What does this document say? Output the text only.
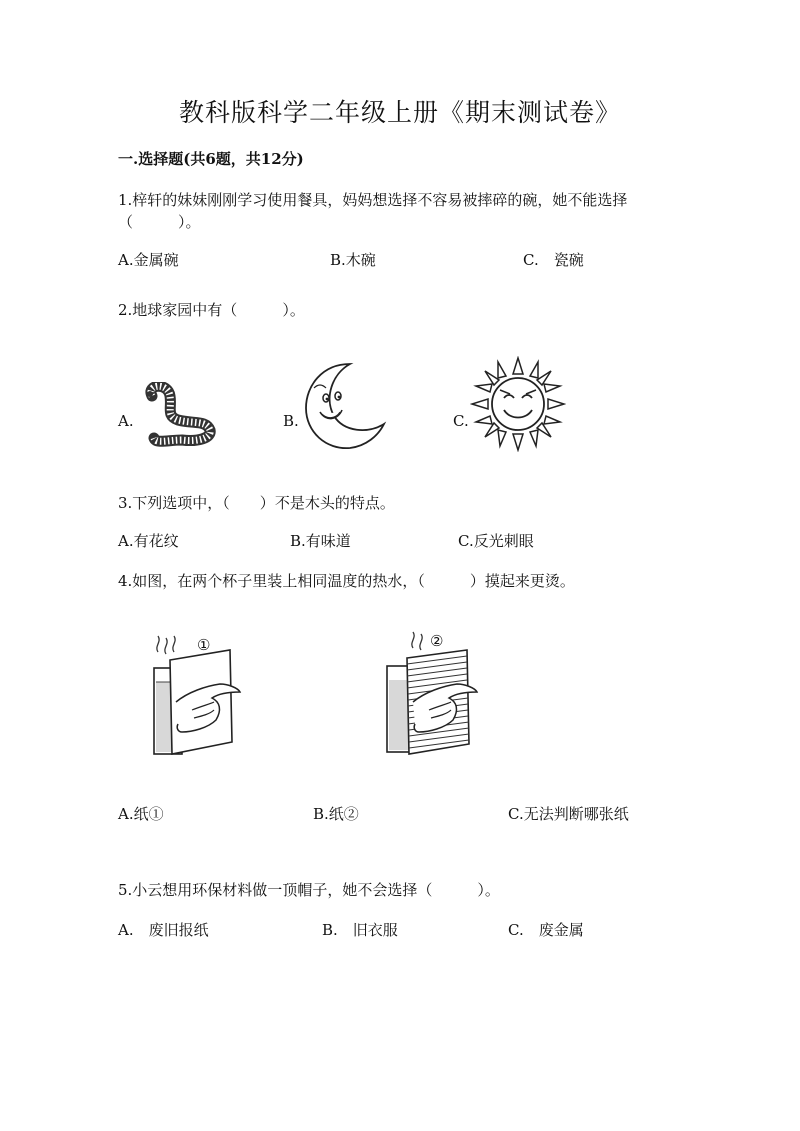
教科版科学二年级上册《期末测试卷》
一.选择题(共6题，共12分)
1.梓轩的妹妹刚刚学习使用餐具，妈妈想选择不容易被摔碎的碗，她不能选择
（　　　）。
A.金属碗	B.木碗	C.　瓷碗
2.地球家园中有（　　　）。
A.	B.	C.
3.下列选项中，（　　）不是木头的特点。
A.有花纹	B.有味道	C.反光刺眼
4.如图，在两个杯子里装上相同温度的热水，（　　　）摸起来更烫。
①	②
A.纸①	B.纸②	C.无法判断哪张纸
5.小云想用环保材料做一顶帽子，她不会选择（　　　）。
A.　废旧报纸	B.　旧衣服	C.　废金属
